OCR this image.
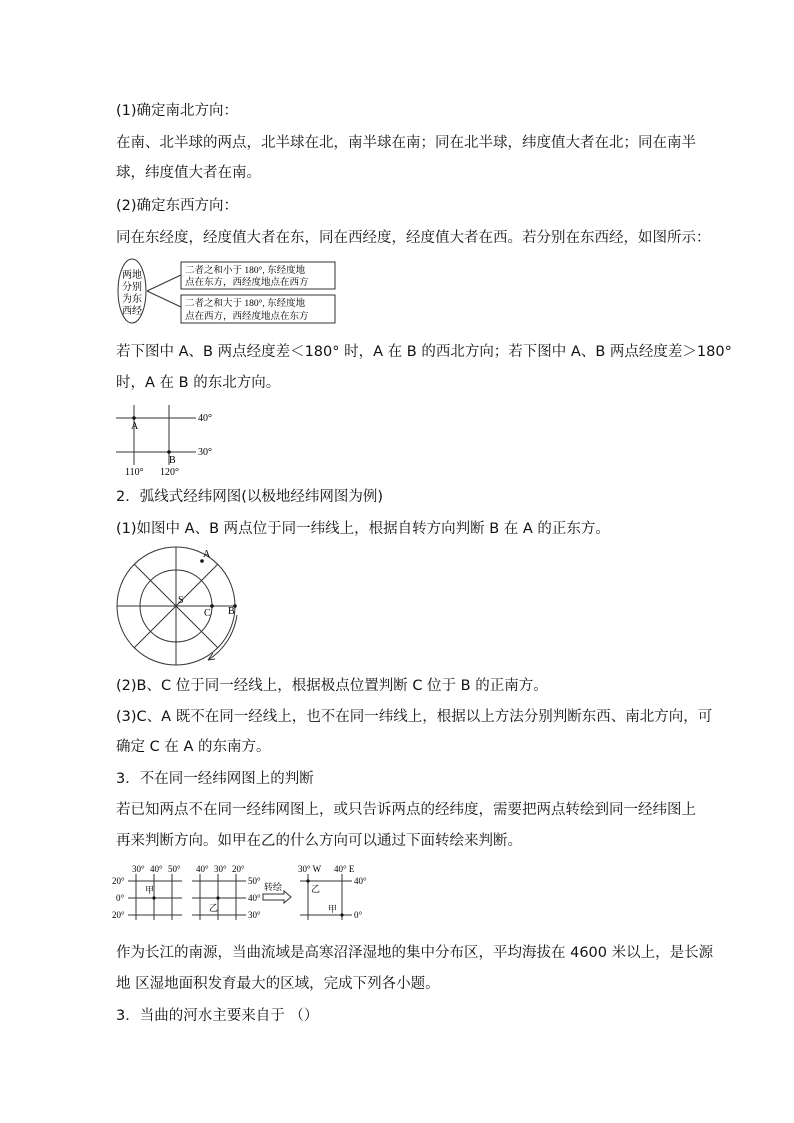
(1)确定南北方向：
在南、北半球的两点，北半球在北，南半球在南；同在北半球，纬度值大者在北；同在南半
球，纬度值大者在南。
(2)确定东西方向：
同在东经度，经度值大者在东，同在西经度，经度值大者在西。若分别在东西经，如图所示：
两地
分别
为东
西经
二者之和小于 180°, 东经度地
点在东方，西经度地点在西方
二者之和大于 180°, 东经度地
点在西方，西经度地点在东方
若下图中 A、B 两点经度差＜180° 时，A 在 B 的西北方向；若下图中 A、B 两点经度差＞180°
时，A 在 B 的东北方向。
A
B
40°
30°
110° 120°
2．弧线式经纬网图(以极地经纬网图为例)
(1)如图中 A、B 两点位于同一纬线上，根据自转方向判断 B 在 A 的正东方。
A
B
C
S
(2)B、C 位于同一经线上，根据极点位置判断 C 位于 B 的正南方。
(3)C、A 既不在同一经线上，也不在同一纬线上，根据以上方法分别判断东西、南北方向，可
确定 C 在 A 的东南方。
3．不在同一经纬网图上的判断
若已知两点不在同一经纬网图上，或只告诉两点的经纬度，需要把两点转绘到同一经纬图上
再来判断方向。如甲在乙的什么方向可以通过下面转绘来判断。
30° 40° 50°
20°
0°
20°
甲
40° 30° 20°
50°
40°
30°
乙
转绘
30° W 40° E
40°
0°
乙
甲
作为长江的南源，当曲流域是高寒沼泽湿地的集中分布区，平均海拔在 4600 米以上，是长源
地 区湿地面积发育最大的区域，完成下列各小题。
3．当曲的河水主要来自于 （）
